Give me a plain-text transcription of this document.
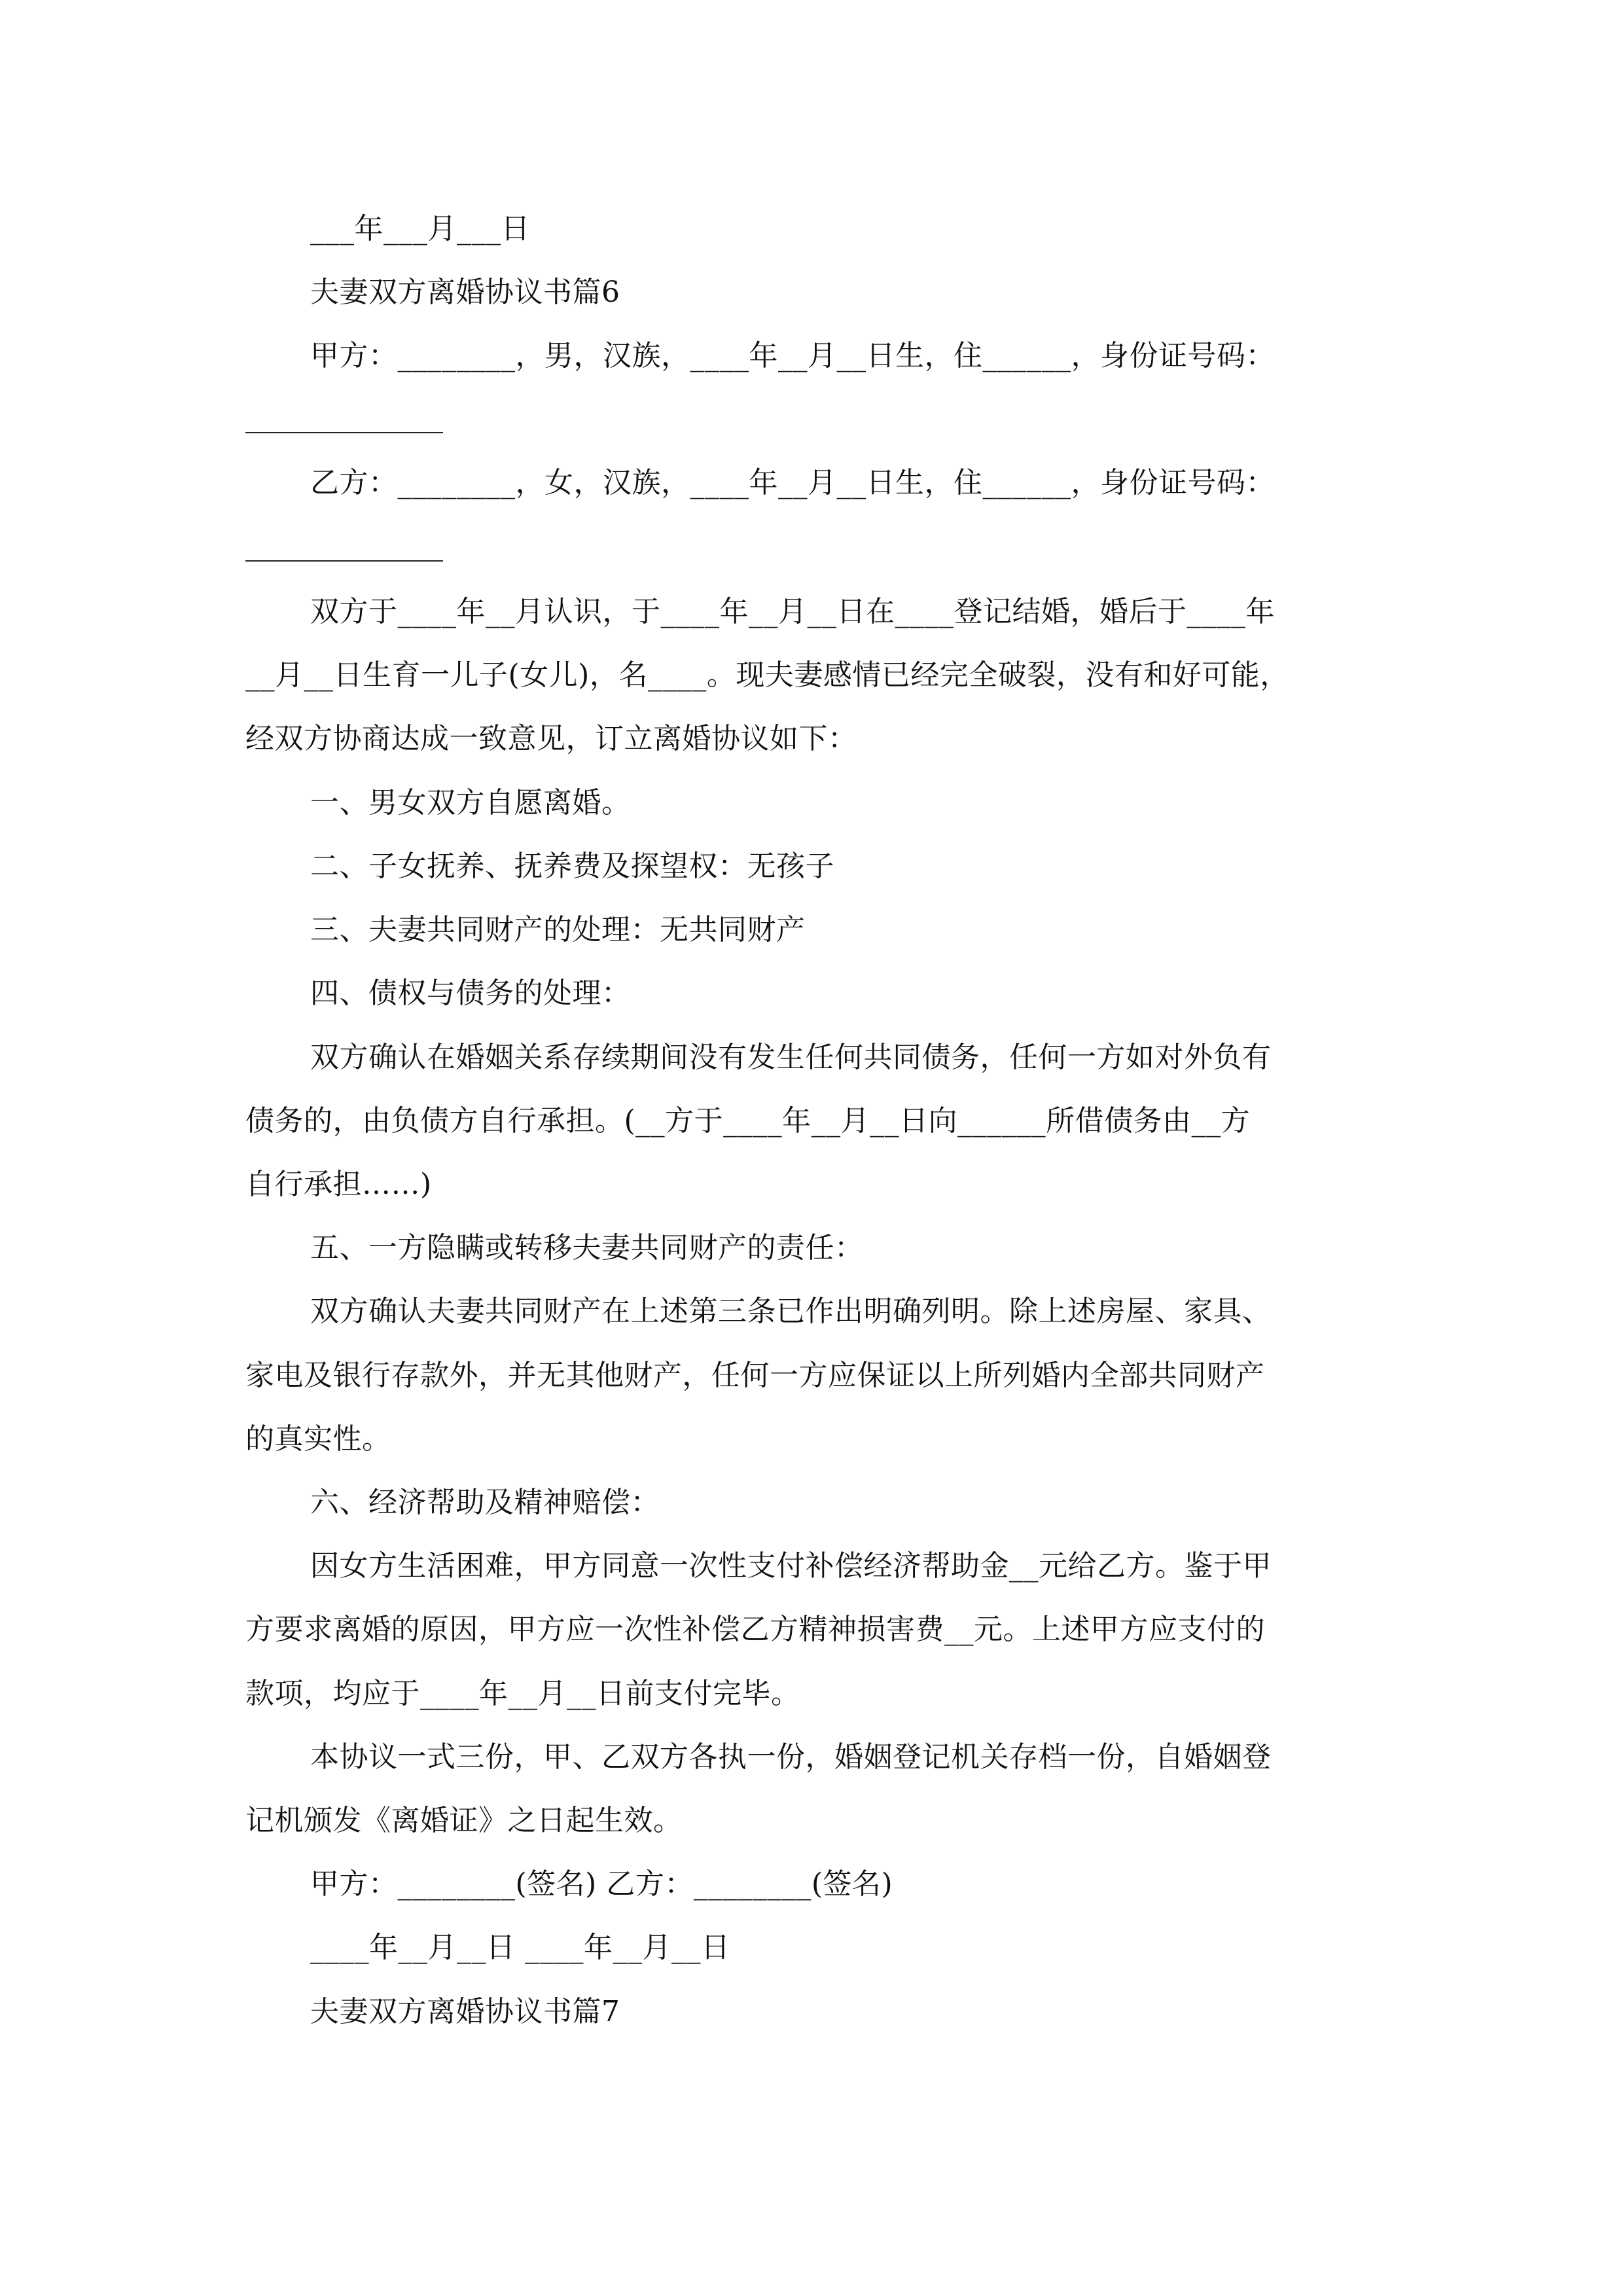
___年___月___日
夫妻双方离婚协议书篇6
甲方：________，男，汉族，____年__月__日生，住______，身份证号码：
乙方：________，女，汉族，____年__月__日生，住______，身份证号码：
双方于____年__月认识，于____年__月__日在____登记结婚，婚后于____年
__月__日生育一儿子(女儿)，名____。现夫妻感情已经完全破裂，没有和好可能，
经双方协商达成一致意见，订立离婚协议如下：
一、男女双方自愿离婚。
二、子女抚养、抚养费及探望权：无孩子
三、夫妻共同财产的处理：无共同财产
四、债权与债务的处理：
双方确认在婚姻关系存续期间没有发生任何共同债务，任何一方如对外负有
债务的，由负债方自行承担。(__方于____年__月__日向______所借债务由__方
自行承担……)
五、一方隐瞒或转移夫妻共同财产的责任：
双方确认夫妻共同财产在上述第三条已作出明确列明。除上述房屋、家具、
家电及银行存款外，并无其他财产，任何一方应保证以上所列婚内全部共同财产
的真实性。
六、经济帮助及精神赔偿：
因女方生活困难，甲方同意一次性支付补偿经济帮助金__元给乙方。鉴于甲
方要求离婚的原因，甲方应一次性补偿乙方精神损害费__元。上述甲方应支付的
款项，均应于____年__月__日前支付完毕。
本协议一式三份，甲、乙双方各执一份，婚姻登记机关存档一份，自婚姻登
记机颁发《离婚证》之日起生效。
甲方：________(签名) 乙方：________(签名)
____年__月__日 ____年__月__日
夫妻双方离婚协议书篇7
